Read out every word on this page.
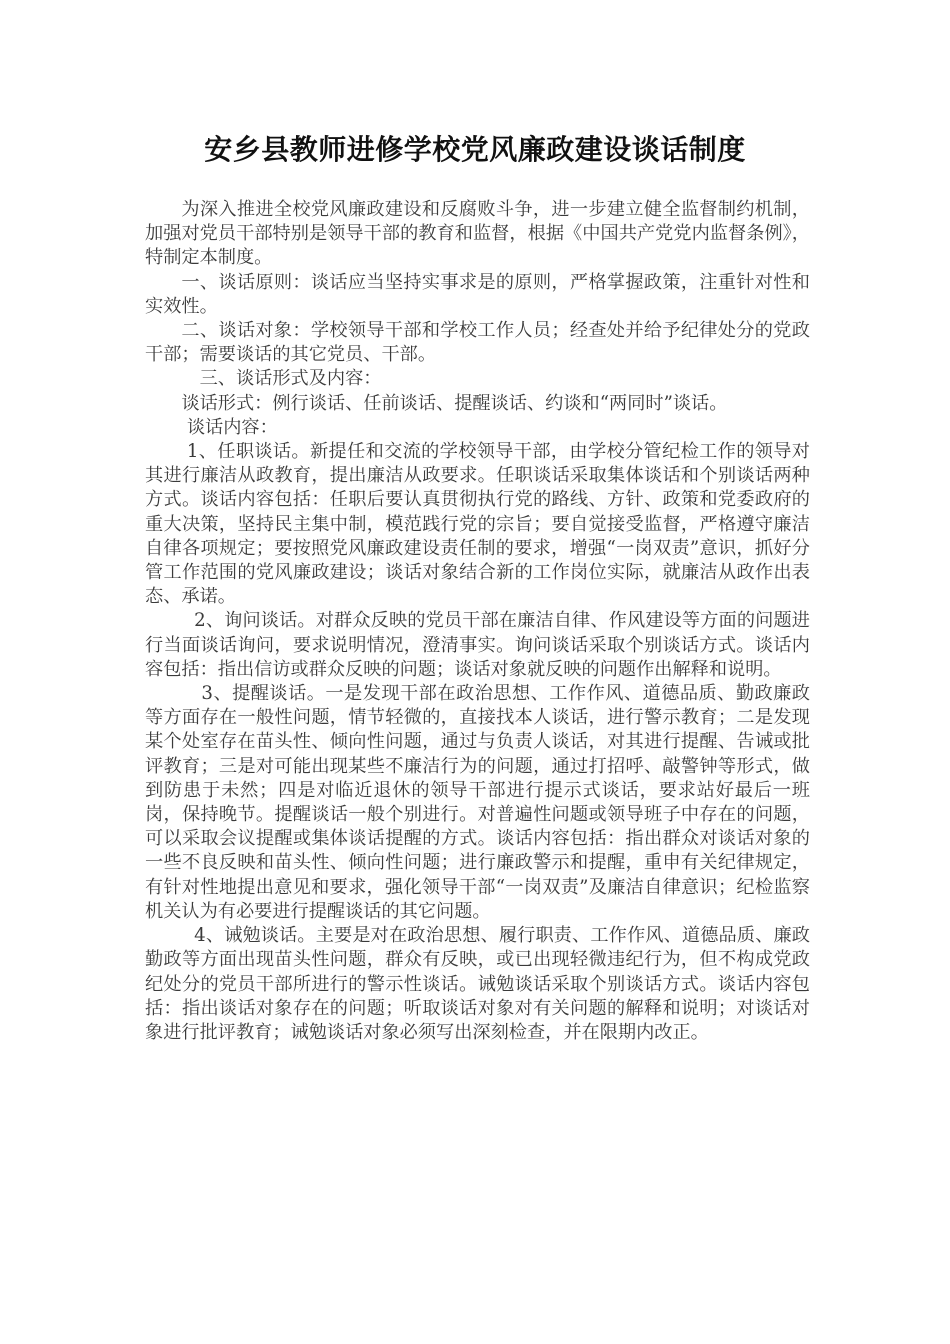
安乡县教师进修学校党风廉政建设谈话制度

为深入推进全校党风廉政建设和反腐败斗争，进一步建立健全监督制约机制，加强对党员干部特别是领导干部的教育和监督，根据《中国共产党党内监督条例》，特制定本制度。

一、谈话原则：谈话应当坚持实事求是的原则，严格掌握政策，注重针对性和实效性。

二、谈话对象：学校领导干部和学校工作人员；经查处并给予纪律处分的党政干部；需要谈话的其它党员、干部。

三、谈话形式及内容：

谈话形式：例行谈话、任前谈话、提醒谈话、约谈和“两同时”谈话。

谈话内容：

1、任职谈话。新提任和交流的学校领导干部，由学校分管纪检工作的领导对其进行廉洁从政教育，提出廉洁从政要求。任职谈话采取集体谈话和个别谈话两种方式。谈话内容包括：任职后要认真贯彻执行党的路线、方针、政策和党委政府的重大决策，坚持民主集中制，模范践行党的宗旨；要自觉接受监督，严格遵守廉洁自律各项规定；要按照党风廉政建设责任制的要求，增强“一岗双责”意识，抓好分管工作范围的党风廉政建设；谈话对象结合新的工作岗位实际，就廉洁从政作出表态、承诺。

2、询问谈话。对群众反映的党员干部在廉洁自律、作风建设等方面的问题进行当面谈话询问，要求说明情况，澄清事实。询问谈话采取个别谈话方式。谈话内容包括：指出信访或群众反映的问题；谈话对象就反映的问题作出解释和说明。

3、提醒谈话。一是发现干部在政治思想、工作作风、道德品质、勤政廉政等方面存在一般性问题，情节轻微的，直接找本人谈话，进行警示教育；二是发现某个处室存在苗头性、倾向性问题，通过与负责人谈话，对其进行提醒、告诫或批评教育；三是对可能出现某些不廉洁行为的问题，通过打招呼、敲警钟等形式，做到防患于未然；四是对临近退休的领导干部进行提示式谈话，要求站好最后一班岗，保持晚节。提醒谈话一般个别进行。对普遍性问题或领导班子中存在的问题，可以采取会议提醒或集体谈话提醒的方式。谈话内容包括：指出群众对谈话对象的一些不良反映和苗头性、倾向性问题；进行廉政警示和提醒，重申有关纪律规定，有针对性地提出意见和要求，强化领导干部“一岗双责”及廉洁自律意识；纪检监察机关认为有必要进行提醒谈话的其它问题。

4、诫勉谈话。主要是对在政治思想、履行职责、工作作风、道德品质、廉政勤政等方面出现苗头性问题，群众有反映，或已出现轻微违纪行为，但不构成党政纪处分的党员干部所进行的警示性谈话。诫勉谈话采取个别谈话方式。谈话内容包括：指出谈话对象存在的问题；听取谈话对象对有关问题的解释和说明；对谈话对象进行批评教育；诫勉谈话对象必须写出深刻检查，并在限期内改正。
